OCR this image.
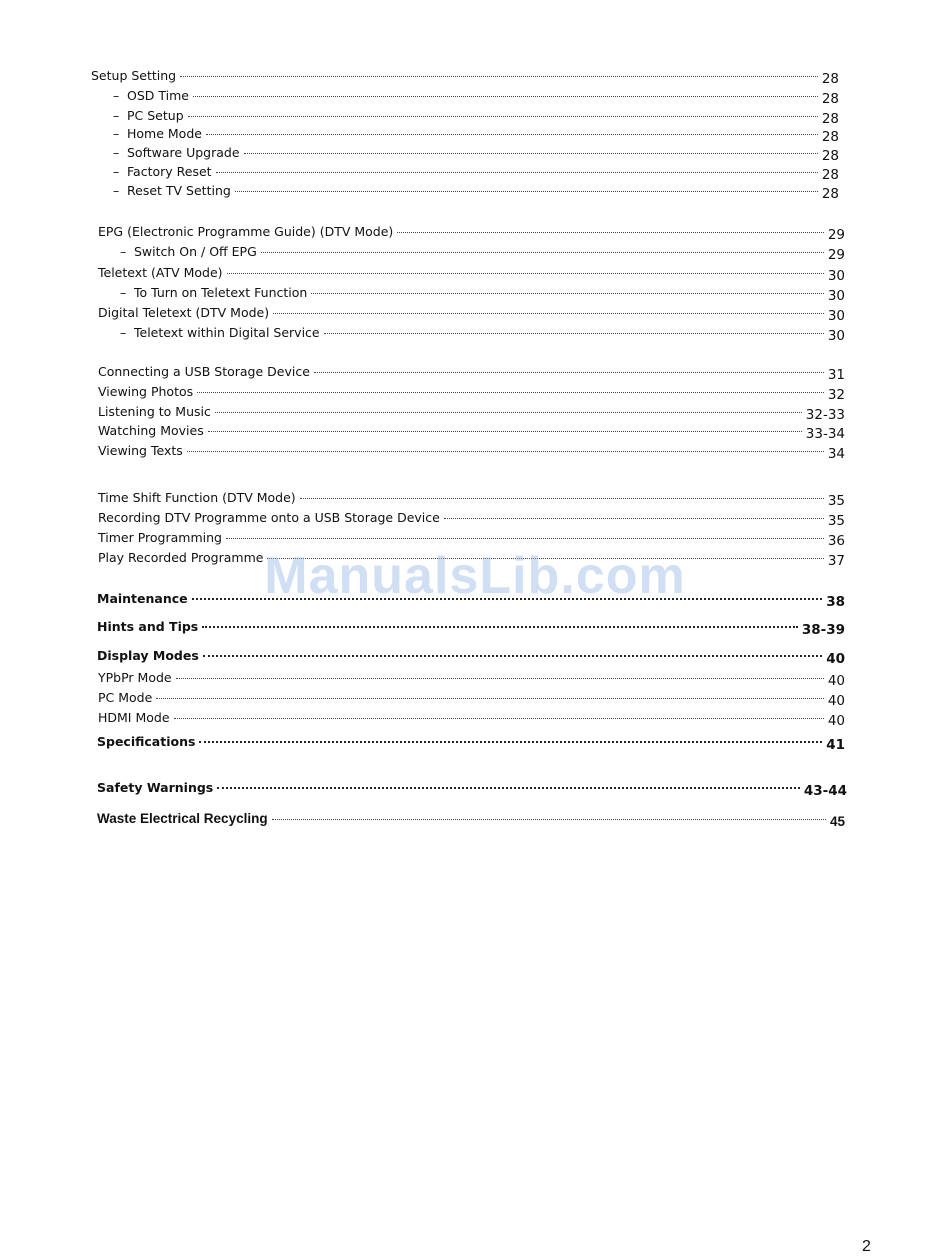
Setup Setting	28
– OSD Time	28
– PC Setup	28
– Home Mode	28
– Software Upgrade	28
– Factory Reset	28
– Reset TV Setting	28
EPG (Electronic Programme Guide) (DTV Mode)	29
– Switch On / Off EPG	29
Teletext (ATV Mode)	30
– To Turn on Teletext Function	30
Digital Teletext (DTV Mode)	30
– Teletext within Digital Service	30
Connecting a USB Storage Device	31
Viewing Photos	32
Listening to Music	32-33
Watching Movies	33-34
Viewing Texts	34
Time Shift Function (DTV Mode)	35
Recording DTV Programme onto a USB Storage Device	35
Timer Programming	36
Play Recorded Programme	37
Maintenance	38
Hints and Tips	38-39
Display Modes	40
YPbPr Mode	40
PC Mode	40
HDMI Mode	40
Specifications	41
Safety Warnings	43-44
Waste Electrical Recycling	45
ManualsLib.com
2
